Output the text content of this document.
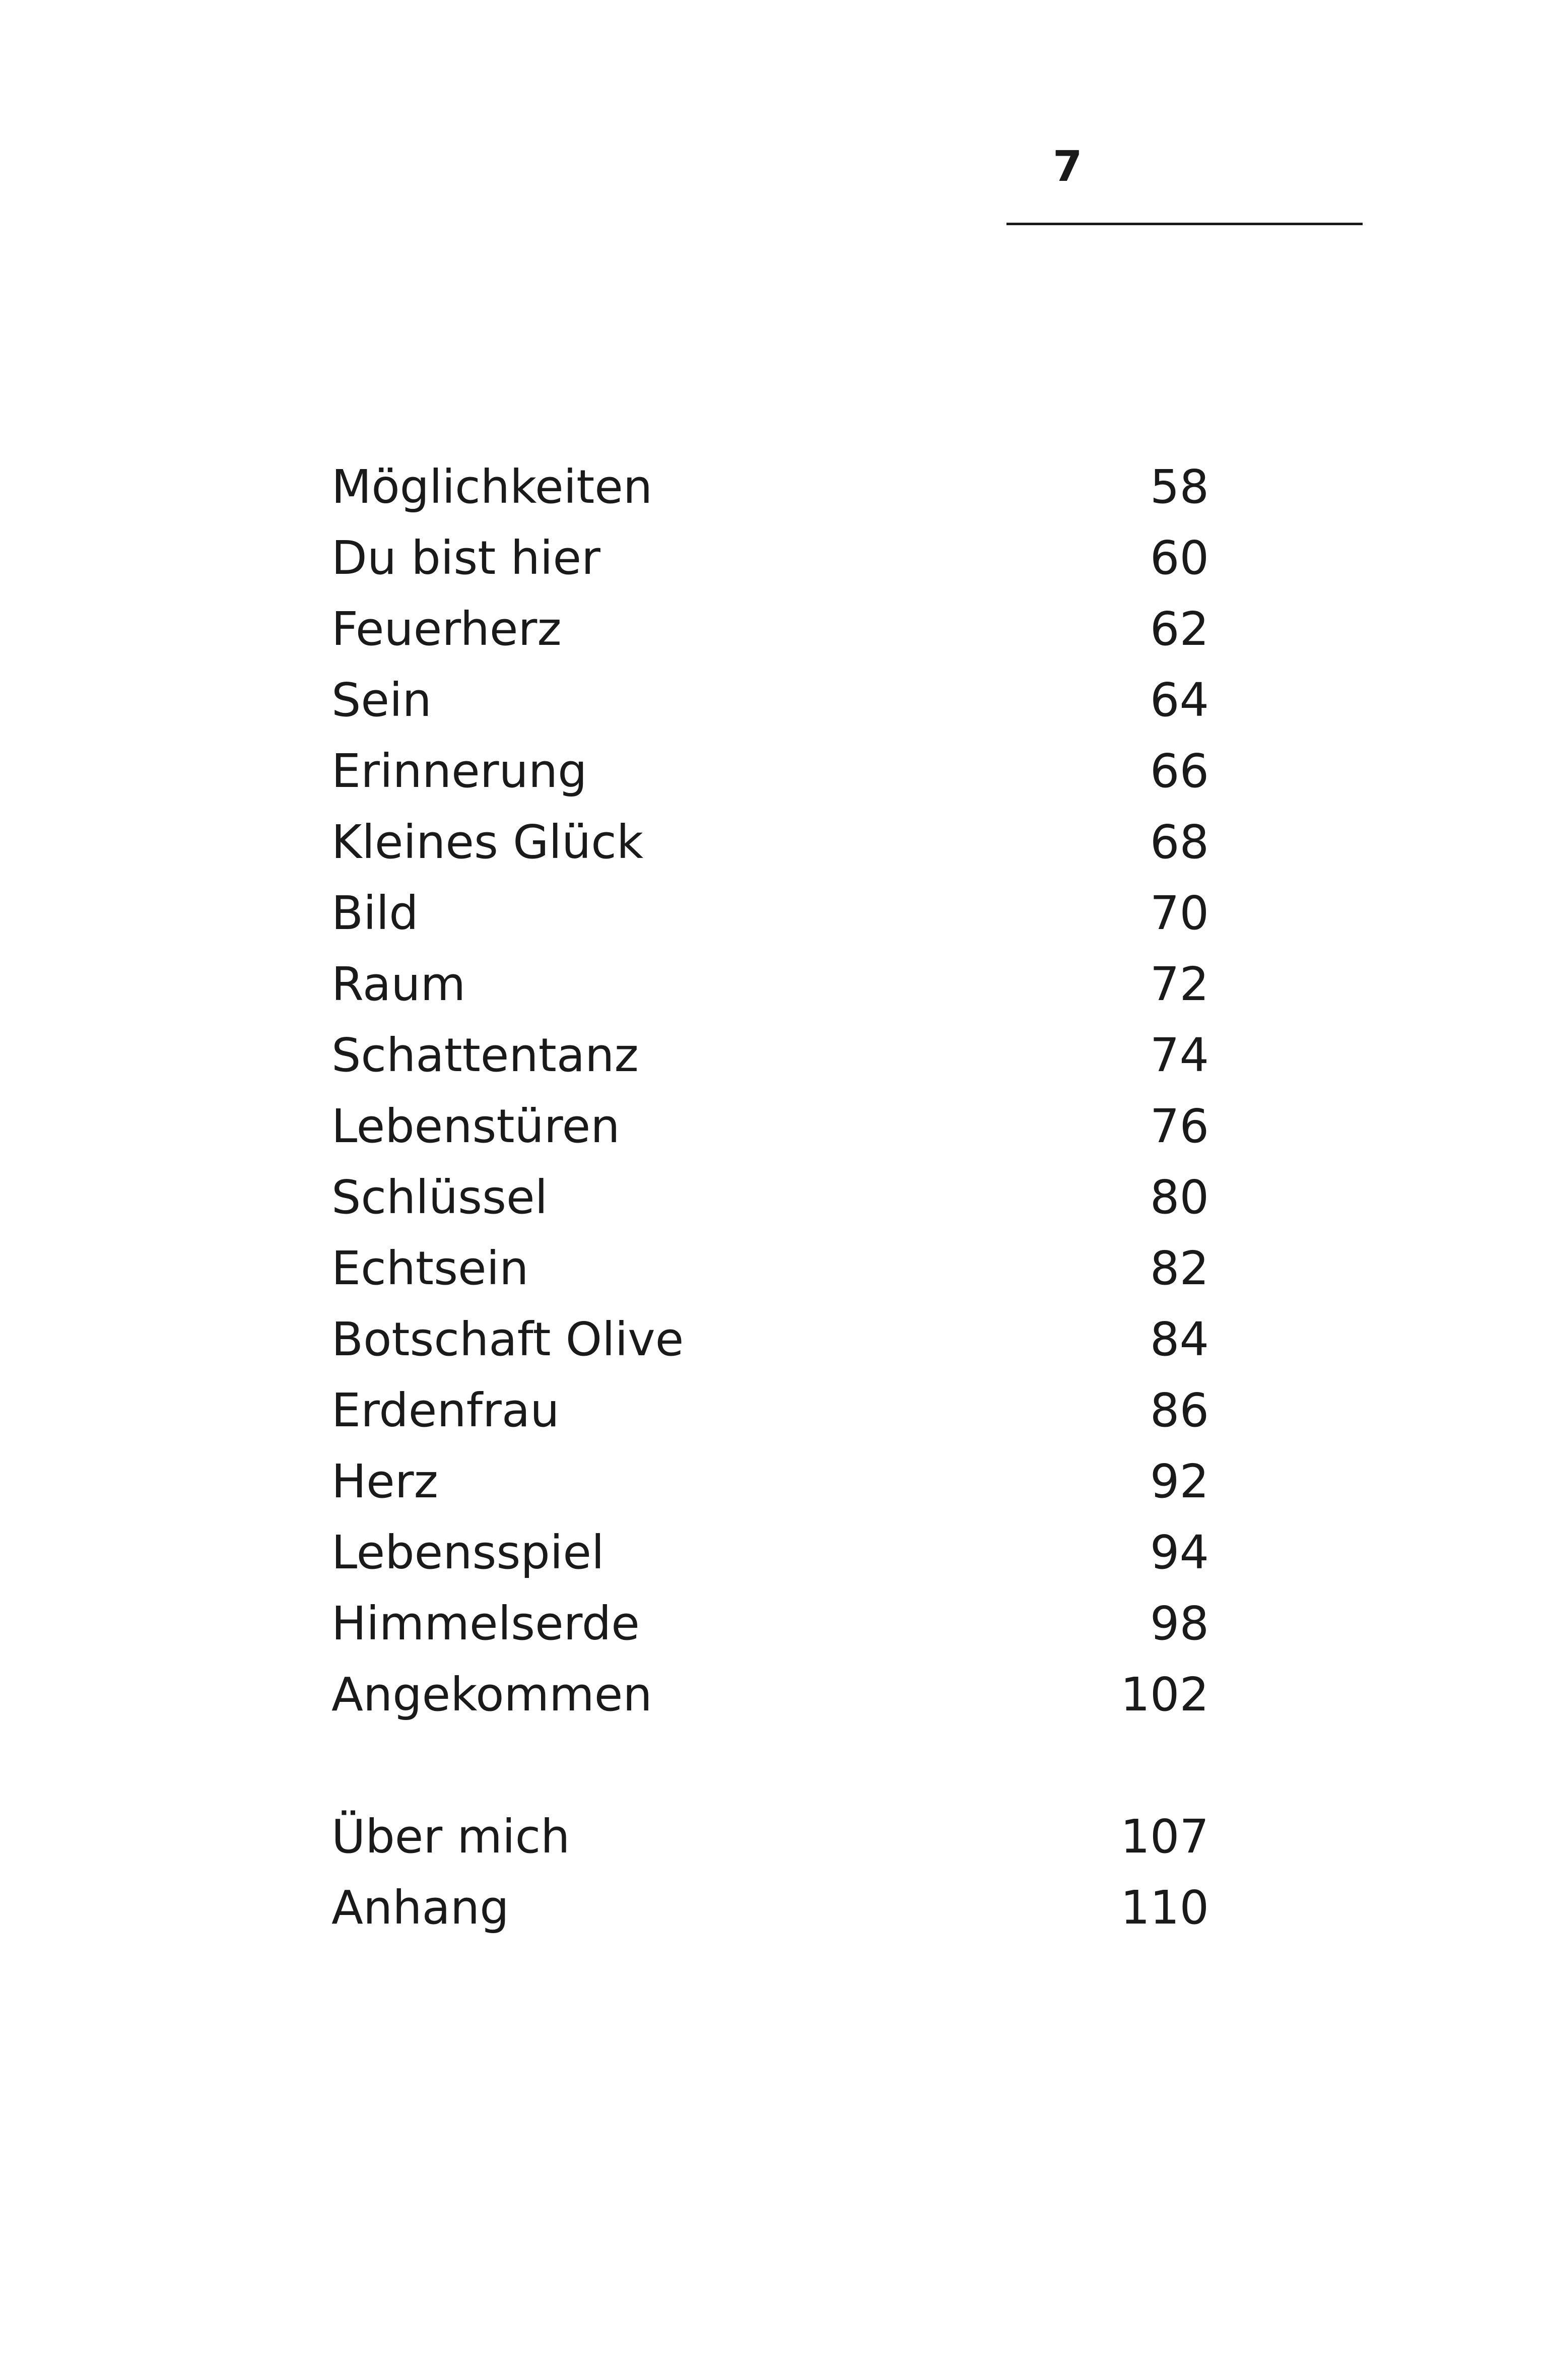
7
Möglichkeiten	58
Du bist hier	60
Feuerherz	62
Sein	64
Erinnerung	66
Kleines Glück	68
Bild	70
Raum	72
Schattentanz	74
Lebenstüren	76
Schlüssel	80
Echtsein	82
Botschaft Olive	84
Erdenfrau	86
Herz	92
Lebensspiel	94
Himmelserde	98
Angekommen	102
Über mich	107
Anhang	110
